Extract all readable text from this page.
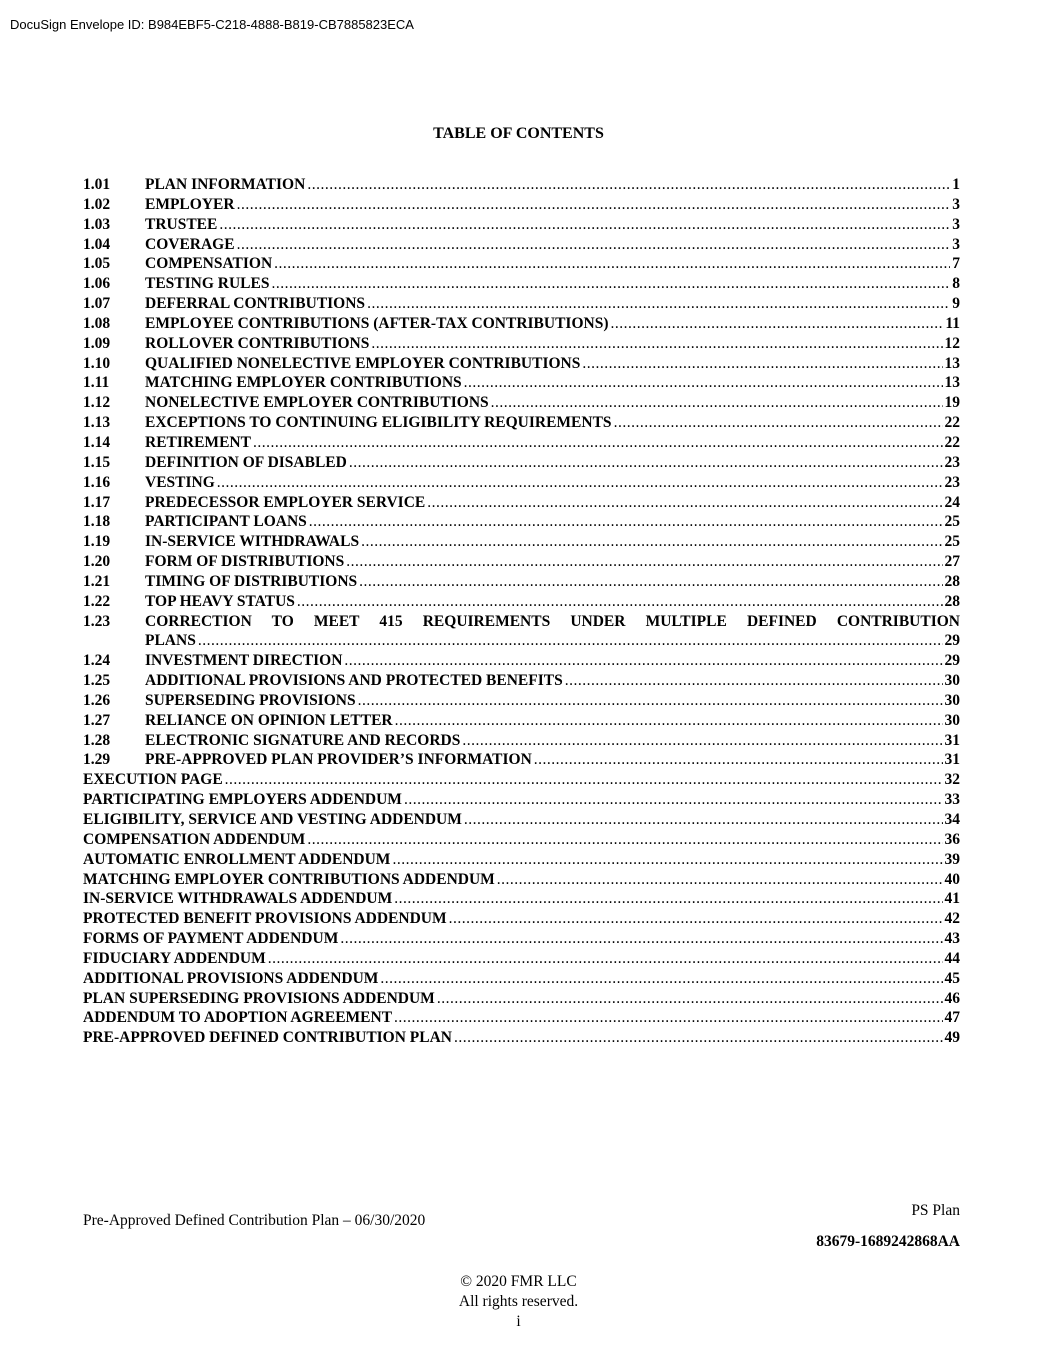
DocuSign Envelope ID: B984EBF5-C218-4888-B819-CB7885823ECA
TABLE OF CONTENTS
1.01	PLAN INFORMATION .....	1
1.02	EMPLOYER .....	3
1.03	TRUSTEE .....	3
1.04	COVERAGE .....	3
1.05	COMPENSATION .....	7
1.06	TESTING RULES .....	8
1.07	DEFERRAL CONTRIBUTIONS .....	9
1.08	EMPLOYEE CONTRIBUTIONS (AFTER-TAX CONTRIBUTIONS) .....	11
1.09	ROLLOVER CONTRIBUTIONS .....	12
1.10	QUALIFIED NONELECTIVE EMPLOYER CONTRIBUTIONS .....	13
1.11	MATCHING EMPLOYER CONTRIBUTIONS .....	13
1.12	NONELECTIVE EMPLOYER CONTRIBUTIONS .....	19
1.13	EXCEPTIONS TO CONTINUING ELIGIBILITY REQUIREMENTS .....	22
1.14	RETIREMENT .....	22
1.15	DEFINITION OF DISABLED .....	23
1.16	VESTING .....	23
1.17	PREDECESSOR EMPLOYER SERVICE .....	24
1.18	PARTICIPANT LOANS .....	25
1.19	IN-SERVICE WITHDRAWALS .....	25
1.20	FORM OF DISTRIBUTIONS .....	27
1.21	TIMING OF DISTRIBUTIONS .....	28
1.22	TOP HEAVY STATUS .....	28
1.23	CORRECTION TO MEET 415 REQUIREMENTS UNDER MULTIPLE DEFINED CONTRIBUTION
PLANS .....	29
1.24	INVESTMENT DIRECTION .....	29
1.25	ADDITIONAL PROVISIONS AND PROTECTED BENEFITS .....	30
1.26	SUPERSEDING PROVISIONS .....	30
1.27	RELIANCE ON OPINION LETTER .....	30
1.28	ELECTRONIC SIGNATURE AND RECORDS .....	31
1.29	PRE-APPROVED PLAN PROVIDER’S INFORMATION .....	31
EXECUTION PAGE .....	32
PARTICIPATING EMPLOYERS ADDENDUM .....	33
ELIGIBILITY, SERVICE AND VESTING ADDENDUM .....	34
COMPENSATION ADDENDUM .....	36
AUTOMATIC ENROLLMENT ADDENDUM .....	39
MATCHING EMPLOYER CONTRIBUTIONS ADDENDUM .....	40
IN-SERVICE WITHDRAWALS ADDENDUM .....	41
PROTECTED BENEFIT PROVISIONS ADDENDUM .....	42
FORMS OF PAYMENT ADDENDUM .....	43
FIDUCIARY ADDENDUM .....	44
ADDITIONAL PROVISIONS ADDENDUM .....	45
PLAN SUPERSEDING PROVISIONS ADDENDUM .....	46
ADDENDUM TO ADOPTION AGREEMENT .....	47
PRE-APPROVED DEFINED CONTRIBUTION PLAN .....	49
Pre-Approved Defined Contribution Plan – 06/30/2020
PS Plan
83679-1689242868AA
© 2020 FMR LLC
All rights reserved.
i
